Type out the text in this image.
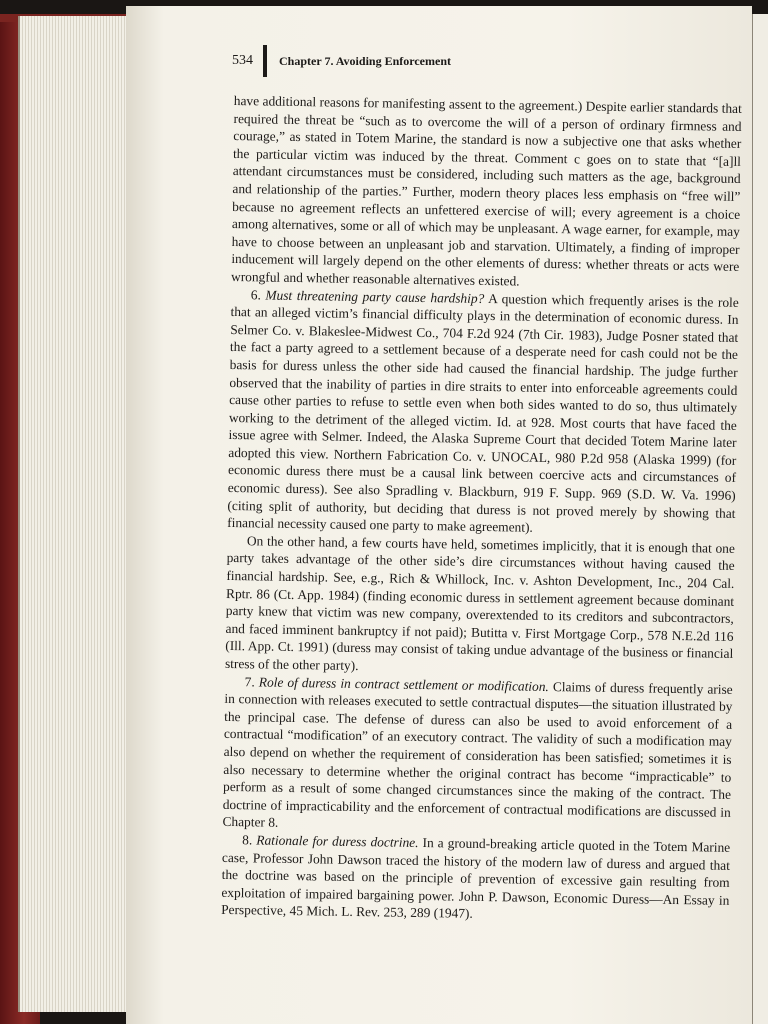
534 Chapter 7. Avoiding Enforcement

have additional reasons for manifesting assent to the agreement.) Despite earlier standards that required the threat be “such as to overcome the will of a person of ordinary firmness and courage,” as stated in Totem Marine, the standard is now a subjective one that asks whether the particular victim was induced by the threat. Comment c goes on to state that “[a]ll attendant circumstances must be considered, including such matters as the age, background and relationship of the parties.” Further, modern theory places less emphasis on “free will” because no agreement reflects an unfettered exercise of will; every agreement is a choice among alternatives, some or all of which may be unpleasant. A wage earner, for example, may have to choose between an unpleasant job and starvation. Ultimately, a finding of improper inducement will largely depend on the other elements of duress: whether threats or acts were wrongful and whether reasonable alternatives existed.

6. Must threatening party cause hardship? A question which frequently arises is the role that an alleged victim’s financial difficulty plays in the determination of economic duress. In Selmer Co. v. Blakeslee-Midwest Co., 704 F.2d 924 (7th Cir. 1983), Judge Posner stated that the fact a party agreed to a settlement because of a desperate need for cash could not be the basis for duress unless the other side had caused the financial hardship. The judge further observed that the inability of parties in dire straits to enter into enforceable agreements could cause other parties to refuse to settle even when both sides wanted to do so, thus ultimately working to the detriment of the alleged victim. Id. at 928. Most courts that have faced the issue agree with Selmer. Indeed, the Alaska Supreme Court that decided Totem Marine later adopted this view. Northern Fabrication Co. v. UNOCAL, 980 P.2d 958 (Alaska 1999) (for economic duress there must be a causal link between coercive acts and circumstances of economic duress). See also Spradling v. Blackburn, 919 F. Supp. 969 (S.D. W. Va. 1996) (citing split of authority, but deciding that duress is not proved merely by showing that financial necessity caused one party to make agreement).

On the other hand, a few courts have held, sometimes implicitly, that it is enough that one party takes advantage of the other side’s dire circumstances without having caused the financial hardship. See, e.g., Rich & Whillock, Inc. v. Ashton Development, Inc., 204 Cal. Rptr. 86 (Ct. App. 1984) (finding economic duress in settlement agreement because dominant party knew that victim was new company, overextended to its creditors and subcontractors, and faced imminent bankruptcy if not paid); Butitta v. First Mortgage Corp., 578 N.E.2d 116 (Ill. App. Ct. 1991) (duress may consist of taking undue advantage of the business or financial stress of the other party).

7. Role of duress in contract settlement or modification. Claims of duress frequently arise in connection with releases executed to settle contractual disputes—the situation illustrated by the principal case. The defense of duress can also be used to avoid enforcement of a contractual “modification” of an executory contract. The validity of such a modification may also depend on whether the requirement of consideration has been satisfied; sometimes it is also necessary to determine whether the original contract has become “impracticable” to perform as a result of some changed circumstances since the making of the contract. The doctrine of impracticability and the enforcement of contractual modifications are discussed in Chapter 8.

8. Rationale for duress doctrine. In a ground-breaking article quoted in the Totem Marine case, Professor John Dawson traced the history of the modern law of duress and argued that the doctrine was based on the principle of prevention of excessive gain resulting from exploitation of impaired bargaining power. John P. Dawson, Economic Duress—An Essay in Perspective, 45 Mich. L. Rev. 253, 289 (1947).
